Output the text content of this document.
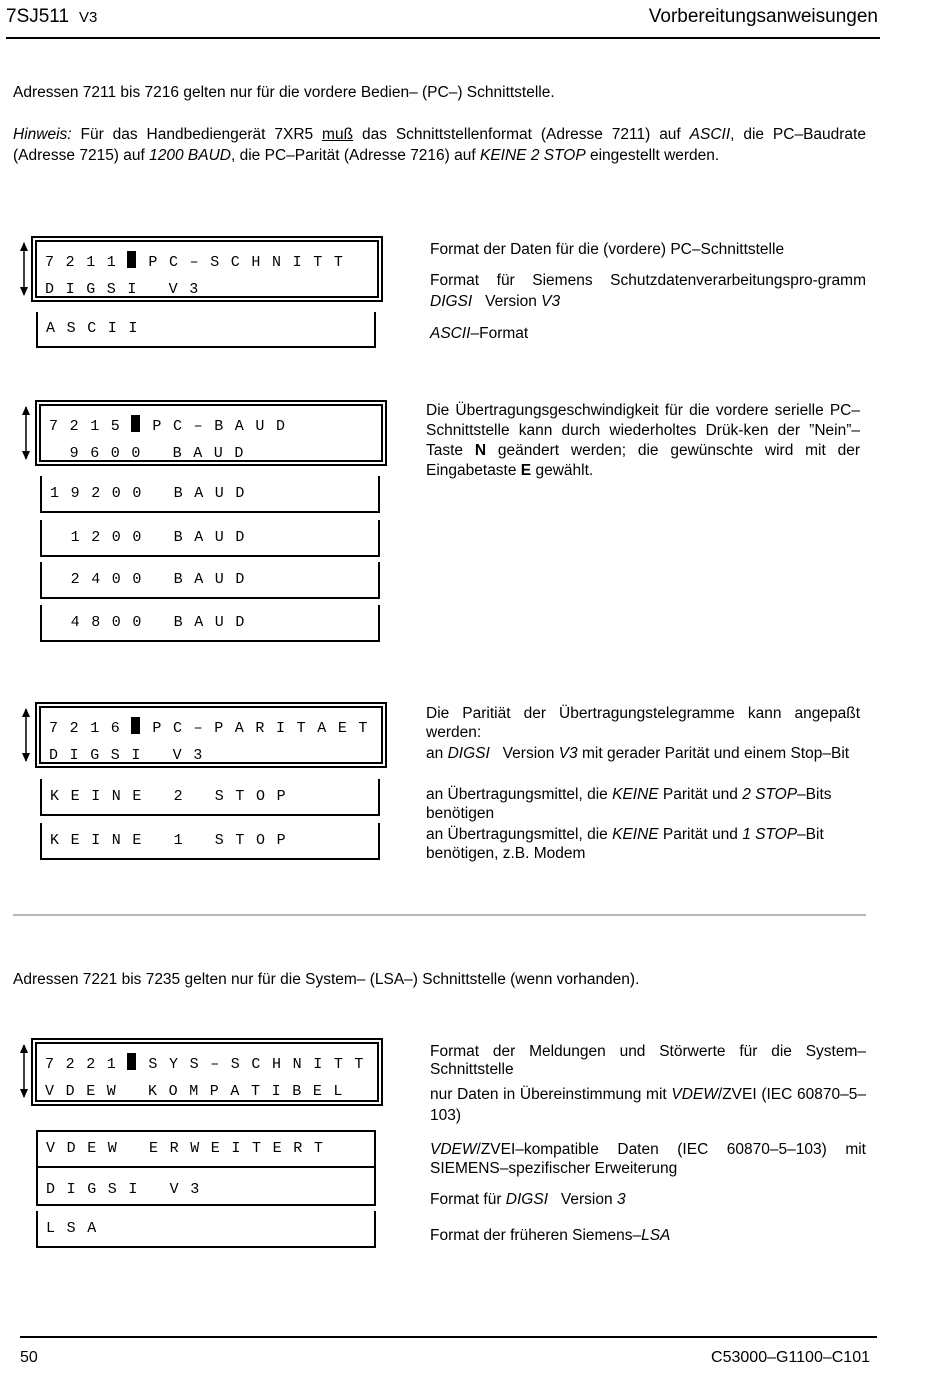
7SJ511 V3	Vorbereitungsanweisungen
Adressen 7211 bis 7216 gelten nur für die vordere Bedien– (PC–) Schnittstelle.
Hinweis: Für das Handbediengerät 7XR5 muß das Schnittstellenformat (Adresse 7211) auf ASCII, die PC–Baudrate (Adresse 7215) auf 1200 BAUD, die PC–Parität (Adresse 7216) auf KEINE 2 STOP eingestellt werden.
7211 PC–SCHNITT
DIGSI V3
ASCII
Format der Daten für die (vordere) PC–Schnittstelle
Format für Siemens Schutzdatenverarbeitungspro-gramm DIGSI   Version V3
ASCII–Format
7215 PC–BAUD
9600 BAUD
19200 BAUD
1200 BAUD
2400 BAUD
4800 BAUD
Die Übertragungsgeschwindigkeit für die vordere serielle PC–Schnittstelle kann durch wiederholtes Drük-ken der ”Nein”–Taste N geändert werden; die gewünschte wird mit der Eingabetaste E gewählt.
7216 PC–PARITAET
DIGSI V3
KEINE 2 STOP
KEINE 1 STOP
Die Paritiät der Übertragungstelegramme kann angepaßt werden:
an DIGSI   Version V3 mit gerader Parität und einem Stop–Bit
an Übertragungsmittel, die KEINE Parität und 2 STOP–Bits benötigen
an Übertragungsmittel, die KEINE Parität und 1 STOP–Bit benötigen, z.B. Modem
Adressen 7221 bis 7235 gelten nur für die System– (LSA–) Schnittstelle (wenn vorhanden).
7221 SYS–SCHNITT
VDEW KOMPATIBEL
VDEW ERWEITERT
DIGSI V3
LSA
Format der Meldungen und Störwerte für die System–Schnittstelle
nur Daten in Übereinstimmung mit VDEW/ZVEI (IEC 60870–5–103)
VDEW/ZVEI–kompatible Daten (IEC 60870–5–103) mit SIEMENS–spezifischer Erweiterung
Format für DIGSI   Version 3
Format der früheren Siemens–LSA
50	C53000–G1100–C101
